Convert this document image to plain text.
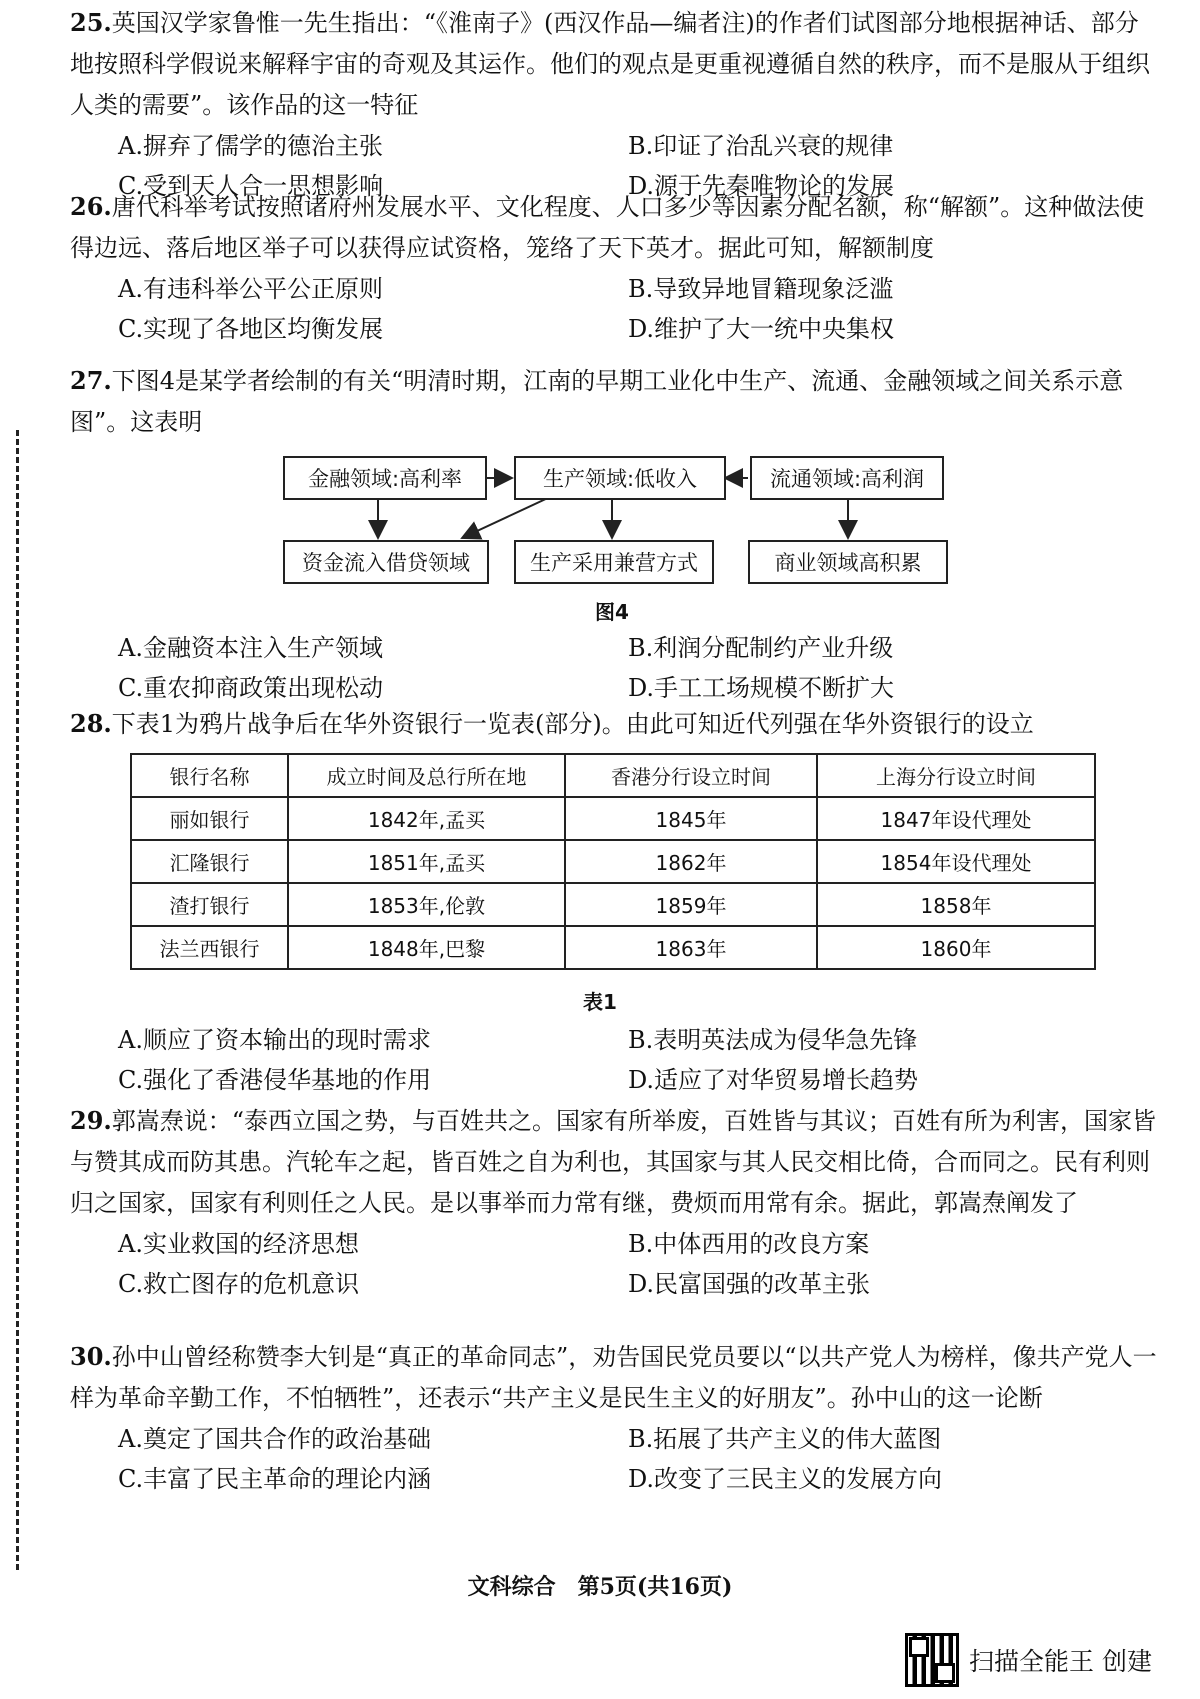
25.英国汉学家鲁惟一先生指出：“《淮南子》(西汉作品—编者注)的作者们试图部分地根据神话、部分地按照科学假说来解释宇宙的奇观及其运作。他们的观点是更重视遵循自然的秩序，而不是服从于组织人类的需要”。该作品的这一特征

A.摒弃了儒学的德治主张	B.印证了治乱兴衰的规律
C.受到天人合一思想影响	D.源于先秦唯物论的发展

26.唐代科举考试按照诸府州发展水平、文化程度、人口多少等因素分配名额，称“解额”。这种做法使得边远、落后地区举子可以获得应试资格，笼络了天下英才。据此可知，解额制度

A.有违科举公平公正原则	B.导致异地冒籍现象泛滥
C.实现了各地区均衡发展	D.维护了大一统中央集权

27.下图4是某学者绘制的有关“明清时期，江南的早期工业化中生产、流通、金融领域之间关系示意图”。这表明

金融领域:高利率	生产领域:低收入	流通领域:高利润
资金流入借贷领域	生产采用兼营方式	商业领域高积累
图4
A.金融资本注入生产领域	B.利润分配制约产业升级
C.重农抑商政策出现松动	D.手工工场规模不断扩大

28.下表1为鸦片战争后在华外资银行一览表(部分)。由此可知近代列强在华外资银行的设立

银行名称	成立时间及总行所在地	香港分行设立时间	上海分行设立时间
丽如银行	1842年,孟买	1845年	1847年设代理处
汇隆银行	1851年,孟买	1862年	1854年设代理处
渣打银行	1853年,伦敦	1859年	1858年
法兰西银行	1848年,巴黎	1863年	1860年
表1
A.顺应了资本输出的现时需求	B.表明英法成为侵华急先锋
C.强化了香港侵华基地的作用	D.适应了对华贸易增长趋势

29.郭嵩焘说：“泰西立国之势，与百姓共之。国家有所举废，百姓皆与其议；百姓有所为利害，国家皆与赞其成而防其患。汽轮车之起，皆百姓之自为利也，其国家与其人民交相比倚，合而同之。民有利则归之国家，国家有利则任之人民。是以事举而力常有继，费烦而用常有余。据此，郭嵩焘阐发了

A.实业救国的经济思想	B.中体西用的改良方案
C.救亡图存的危机意识	D.民富国强的改革主张

30.孙中山曾经称赞李大钊是“真正的革命同志”，劝告国民党员要以“以共产党人为榜样，像共产党人一样为革命辛勤工作，不怕牺牲”，还表示“共产主义是民生主义的好朋友”。孙中山的这一论断

A.奠定了国共合作的政治基础	B.拓展了共产主义的伟大蓝图
C.丰富了民主革命的理论内涵	D.改变了三民主义的发展方向
文科综合　第5页(共16页)
扫描全能王 创建
